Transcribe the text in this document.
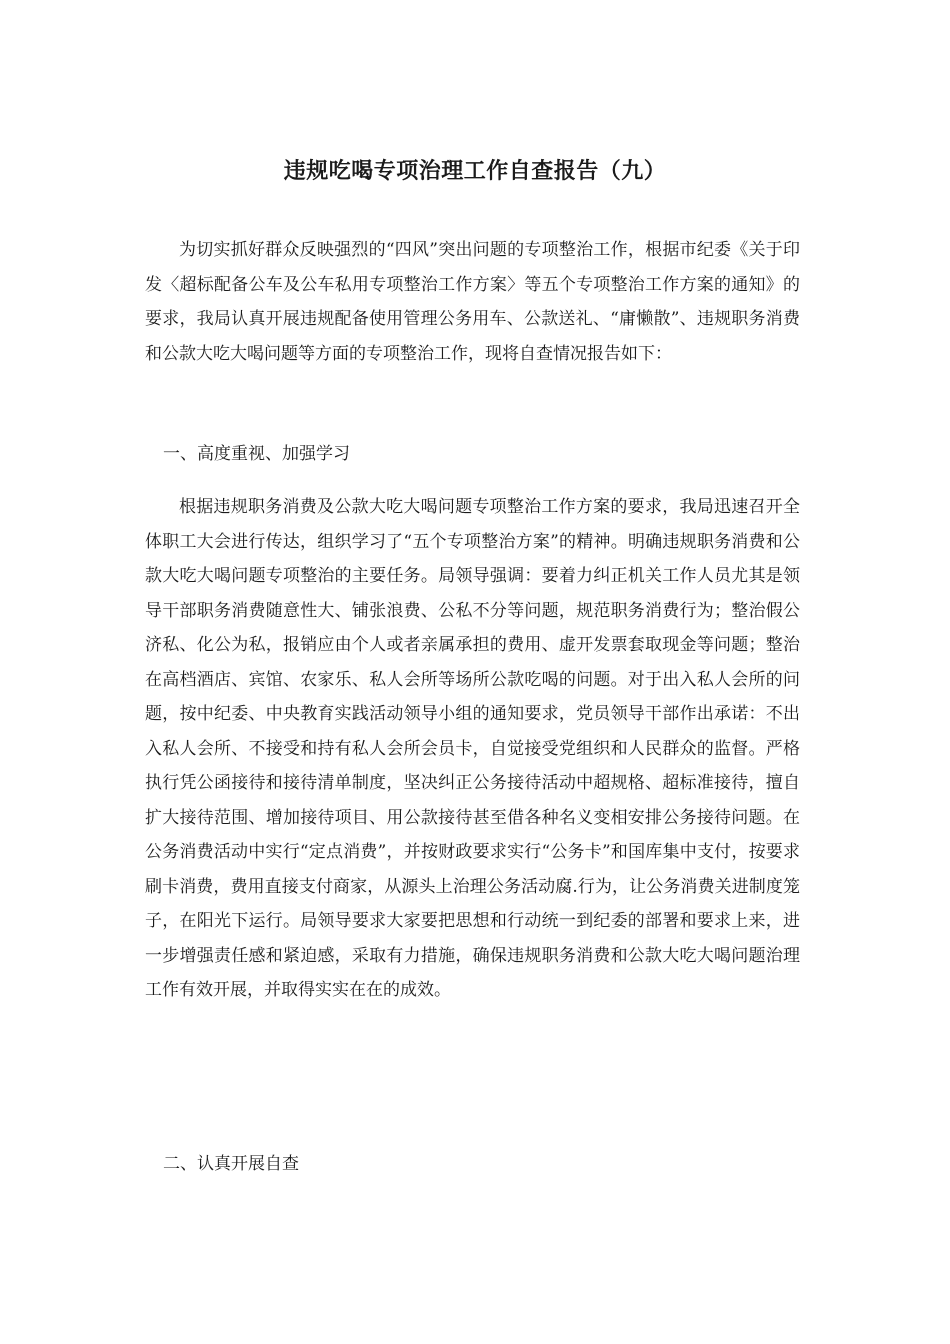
违规吃喝专项治理工作自查报告（九）

为切实抓好群众反映强烈的“四风”突出问题的专项整治工作，根据市纪委《关于印发〈超标配备公车及公车私用专项整治工作方案〉等五个专项整治工作方案的通知》的要求，我局认真开展违规配备使用管理公务用车、公款送礼、“庸懒散”、违规职务消费和公款大吃大喝问题等方面的专项整治工作，现将自查情况报告如下：

一、高度重视、加强学习

根据违规职务消费及公款大吃大喝问题专项整治工作方案的要求，我局迅速召开全体职工大会进行传达，组织学习了“五个专项整治方案”的精神。明确违规职务消费和公款大吃大喝问题专项整治的主要任务。局领导强调：要着力纠正机关工作人员尤其是领导干部职务消费随意性大、铺张浪费、公私不分等问题，规范职务消费行为；整治假公济私、化公为私，报销应由个人或者亲属承担的费用、虚开发票套取现金等问题；整治在高档酒店、宾馆、农家乐、私人会所等场所公款吃喝的问题。对于出入私人会所的问题，按中纪委、中央教育实践活动领导小组的通知要求，党员领导干部作出承诺：不出入私人会所、不接受和持有私人会所会员卡，自觉接受党组织和人民群众的监督。严格执行凭公函接待和接待清单制度，坚决纠正公务接待活动中超规格、超标准接待，擅自扩大接待范围、增加接待项目、用公款接待甚至借各种名义变相安排公务接待问题。在公务消费活动中实行“定点消费”，并按财政要求实行“公务卡”和国库集中支付，按要求刷卡消费，费用直接支付商家，从源头上治理公务活动腐.行为，让公务消费关进制度笼子，在阳光下运行。局领导要求大家要把思想和行动统一到纪委的部署和要求上来，进一步增强责任感和紧迫感，采取有力措施，确保违规职务消费和公款大吃大喝问题治理工作有效开展，并取得实实在在的成效。

二、认真开展自查
